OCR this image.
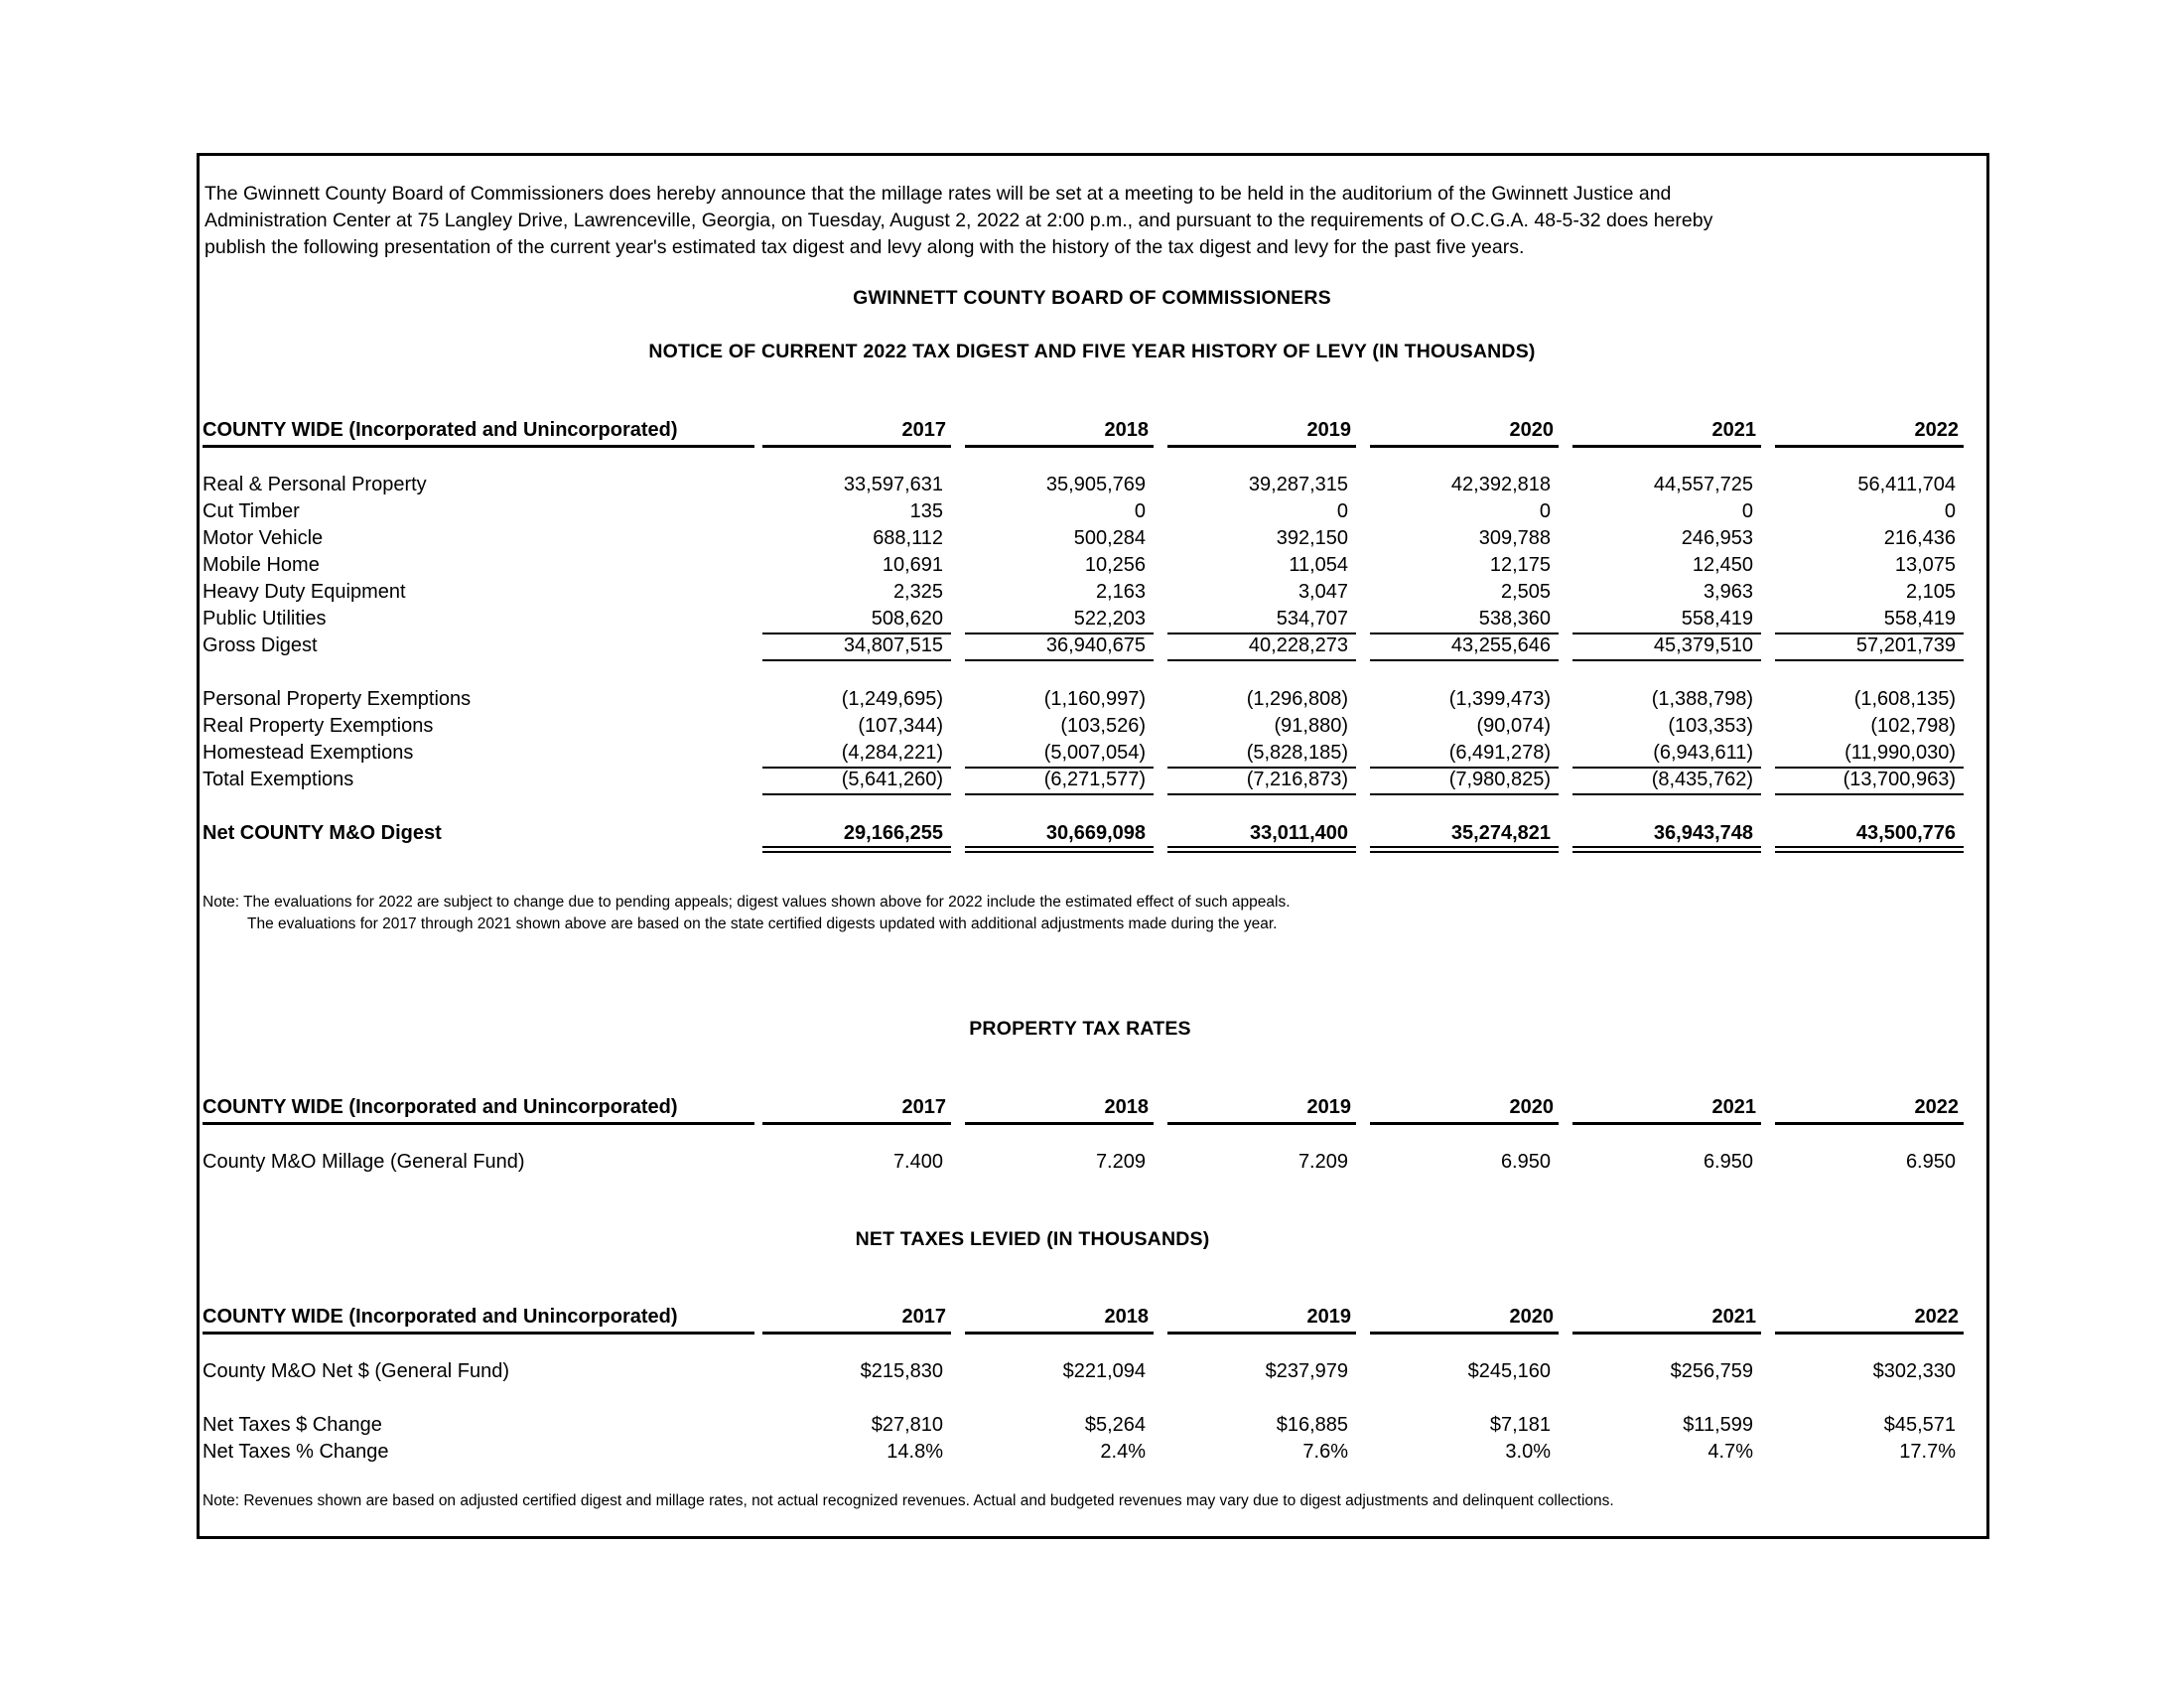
The Gwinnett County Board of Commissioners does hereby announce that the millage rates will be set at a meeting to be held in the auditorium of the Gwinnett Justice and
Administration Center at 75 Langley Drive, Lawrenceville, Georgia, on Tuesday, August 2, 2022 at 2:00 p.m., and pursuant to the requirements of O.C.G.A. 48-5-32 does hereby
publish the following presentation of the current year's estimated tax digest and levy along with the history of the tax digest and levy for the past five years.
GWINNETT COUNTY BOARD OF COMMISSIONERS
NOTICE OF CURRENT 2022 TAX DIGEST AND FIVE YEAR HISTORY OF LEVY (IN THOUSANDS)
COUNTY WIDE (Incorporated and Unincorporated)	2017	2018	2019	2020	2021	2022
Real & Personal Property	33,597,631	35,905,769	39,287,315	42,392,818	44,557,725	56,411,704
Cut Timber	135	0	0	0	0	0
Motor Vehicle	688,112	500,284	392,150	309,788	246,953	216,436
Mobile Home	10,691	10,256	11,054	12,175	12,450	13,075
Heavy Duty Equipment	2,325	2,163	3,047	2,505	3,963	2,105
Public Utilities	508,620	522,203	534,707	538,360	558,419	558,419
Gross Digest	34,807,515	36,940,675	40,228,273	43,255,646	45,379,510	57,201,739
Personal Property Exemptions	(1,249,695)	(1,160,997)	(1,296,808)	(1,399,473)	(1,388,798)	(1,608,135)
Real Property Exemptions	(107,344)	(103,526)	(91,880)	(90,074)	(103,353)	(102,798)
Homestead Exemptions	(4,284,221)	(5,007,054)	(5,828,185)	(6,491,278)	(6,943,611)	(11,990,030)
Total Exemptions	(5,641,260)	(6,271,577)	(7,216,873)	(7,980,825)	(8,435,762)	(13,700,963)
Net COUNTY M&O Digest	29,166,255	30,669,098	33,011,400	35,274,821	36,943,748	43,500,776
Note: The evaluations for 2022 are subject to change due to pending appeals; digest values shown above for 2022 include the estimated effect of such appeals.
The evaluations for 2017 through 2021 shown above are based on the state certified digests updated with additional adjustments made during the year.
PROPERTY TAX RATES
COUNTY WIDE (Incorporated and Unincorporated)	2017	2018	2019	2020	2021	2022
County M&O Millage (General Fund)	7.400	7.209	7.209	6.950	6.950	6.950
NET TAXES LEVIED (IN THOUSANDS)
COUNTY WIDE (Incorporated and Unincorporated)	2017	2018	2019	2020	2021	2022
County M&O Net $ (General Fund)	$215,830	$221,094	$237,979	$245,160	$256,759	$302,330
Net Taxes $ Change	$27,810	$5,264	$16,885	$7,181	$11,599	$45,571
Net Taxes % Change	14.8%	2.4%	7.6%	3.0%	4.7%	17.7%
Note: Revenues shown are based on adjusted certified digest and millage rates, not actual recognized revenues. Actual and budgeted revenues may vary due to digest adjustments and delinquent collections.
